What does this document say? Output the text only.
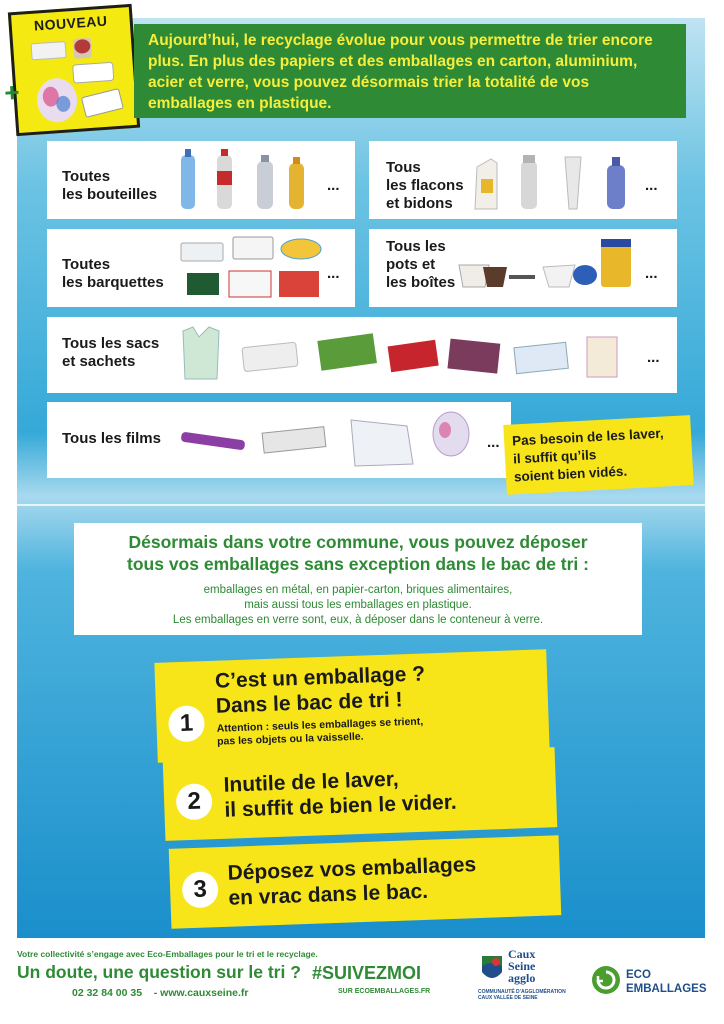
NOUVEAU
+
Aujourd’hui, le recyclage évolue pour vous permettre de trier encore plus. En plus des papiers et des emballages en carton, aluminium, acier et verre, vous pouvez désormais trier la totalité de vos emballages en plastique.
Toutes
les bouteilles
...
Tous
les flacons
et bidons
...
Toutes
les barquettes
...
Tous les
pots et
les boîtes
...
Tous les sacs
et sachets	...
Tous les films	... Pas besoin de les laver,
il suffit qu’ils
soient bien vidés.
Désormais dans votre commune, vous pouvez déposer
tous vos emballages sans exception dans le bac de tri :
emballages en métal, en papier-carton, briques alimentaires,
mais aussi tous les emballages en plastique.
Les emballages en verre sont, eux, à déposer dans le conteneur à verre.
1
C’est un emballage ?
Dans le bac de tri !
Attention : seuls les emballages se trient,
pas les objets ou la vaisselle.
2
Inutile de le laver,
il suffit de bien le vider.
3
Déposez vos emballages
en vrac dans le bac.
Votre collectivité s’engage avec Eco-Emballages pour le tri et le recyclage.
Un doute, une question sur le tri ?
02 32 84 00 35 - www.cauxseine.fr
#SUIVEZMOI
SUR ECOEMBALLAGES.FR
Caux
Seine
agglo
COMMUNAUTÉ D’AGGLOMÉRATION
CAUX VALLÉE DE SEINE
ECO
EMBALLAGES
